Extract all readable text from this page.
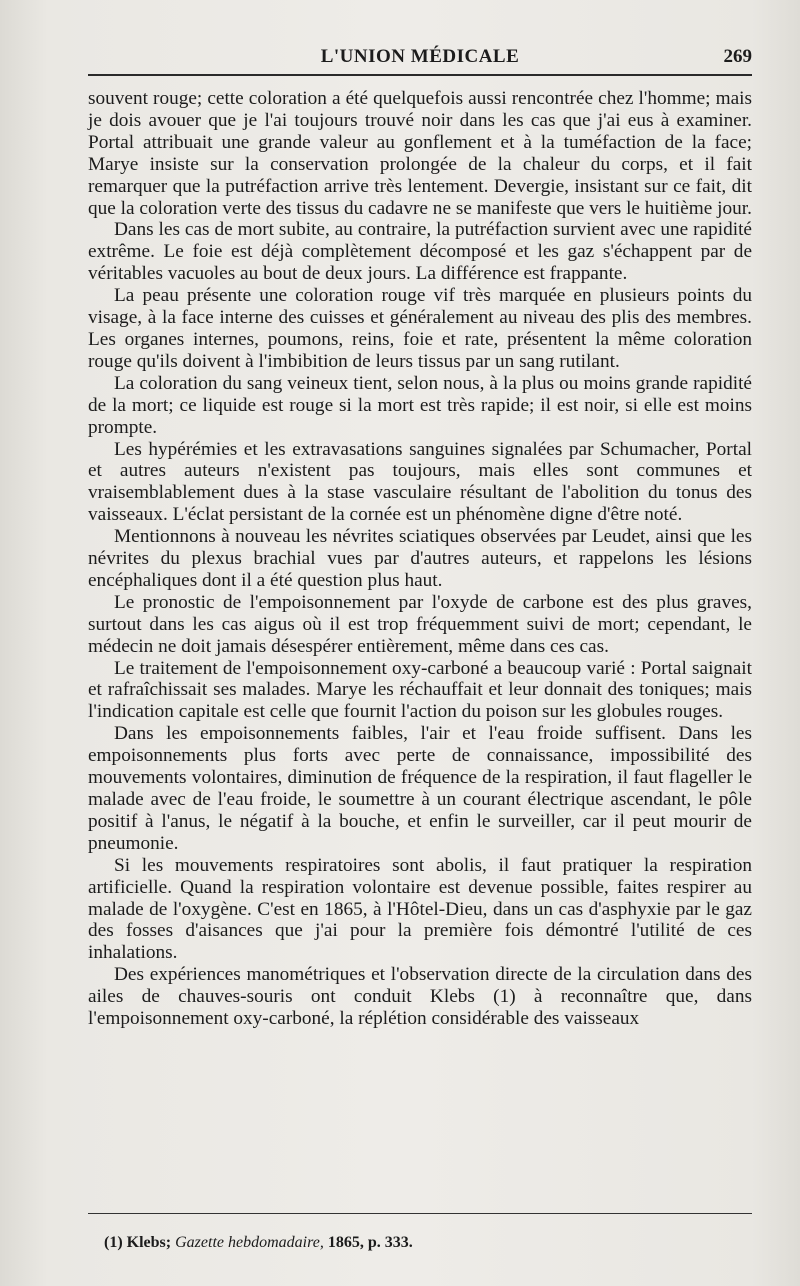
L'UNION MÉDICALE	269

souvent rouge; cette coloration a été quelquefois aussi rencontrée chez l'homme; mais je dois avouer que je l'ai toujours trouvé noir dans les cas que j'ai eus à examiner. Portal attribuait une grande valeur au gonflement et à la tuméfaction de la face; Marye insiste sur la conservation prolongée de la chaleur du corps, et il fait remarquer que la putréfaction arrive très lentement. Devergie, insistant sur ce fait, dit que la coloration verte des tissus du cadavre ne se manifeste que vers le huitième jour.

Dans les cas de mort subite, au contraire, la putréfaction survient avec une rapidité extrême. Le foie est déjà complètement décomposé et les gaz s'échappent par de véritables vacuoles au bout de deux jours. La différence est frappante.

La peau présente une coloration rouge vif très marquée en plusieurs points du visage, à la face interne des cuisses et généralement au niveau des plis des membres. Les organes internes, poumons, reins, foie et rate, présentent la même coloration rouge qu'ils doivent à l'imbibition de leurs tissus par un sang rutilant.

La coloration du sang veineux tient, selon nous, à la plus ou moins grande rapidité de la mort; ce liquide est rouge si la mort est très rapide; il est noir, si elle est moins prompte.

Les hypérémies et les extravasations sanguines signalées par Schumacher, Portal et autres auteurs n'existent pas toujours, mais elles sont communes et vraisemblablement dues à la stase vasculaire résultant de l'abolition du tonus des vaisseaux. L'éclat persistant de la cornée est un phénomène digne d'être noté.

Mentionnons à nouveau les névrites sciatiques observées par Leudet, ainsi que les névrites du plexus brachial vues par d'autres auteurs, et rappelons les lésions encéphaliques dont il a été question plus haut.

Le pronostic de l'empoisonnement par l'oxyde de carbone est des plus graves, surtout dans les cas aigus où il est trop fréquemment suivi de mort; cependant, le médecin ne doit jamais désespérer entièrement, même dans ces cas.

Le traitement de l'empoisonnement oxy-carboné a beaucoup varié : Portal saignait et rafraîchissait ses malades. Marye les réchauffait et leur donnait des toniques; mais l'indication capitale est celle que fournit l'action du poison sur les globules rouges.

Dans les empoisonnements faibles, l'air et l'eau froide suffisent. Dans les empoisonnements plus forts avec perte de connaissance, impossibilité des mouvements volontaires, diminution de fréquence de la respiration, il faut flageller le malade avec de l'eau froide, le soumettre à un courant électrique ascendant, le pôle positif à l'anus, le négatif à la bouche, et enfin le surveiller, car il peut mourir de pneumonie.

Si les mouvements respiratoires sont abolis, il faut pratiquer la respiration artificielle. Quand la respiration volontaire est devenue possible, faites respirer au malade de l'oxygène. C'est en 1865, à l'Hôtel-Dieu, dans un cas d'asphyxie par le gaz des fosses d'aisances que j'ai pour la première fois démontré l'utilité de ces inhalations.

Des expériences manométriques et l'observation directe de la circulation dans des ailes de chauves-souris ont conduit Klebs (1) à reconnaître que, dans l'empoisonnement oxy-carboné, la réplétion considérable des vaisseaux

(1) Klebs; Gazette hebdomadaire, 1865, p. 333.
